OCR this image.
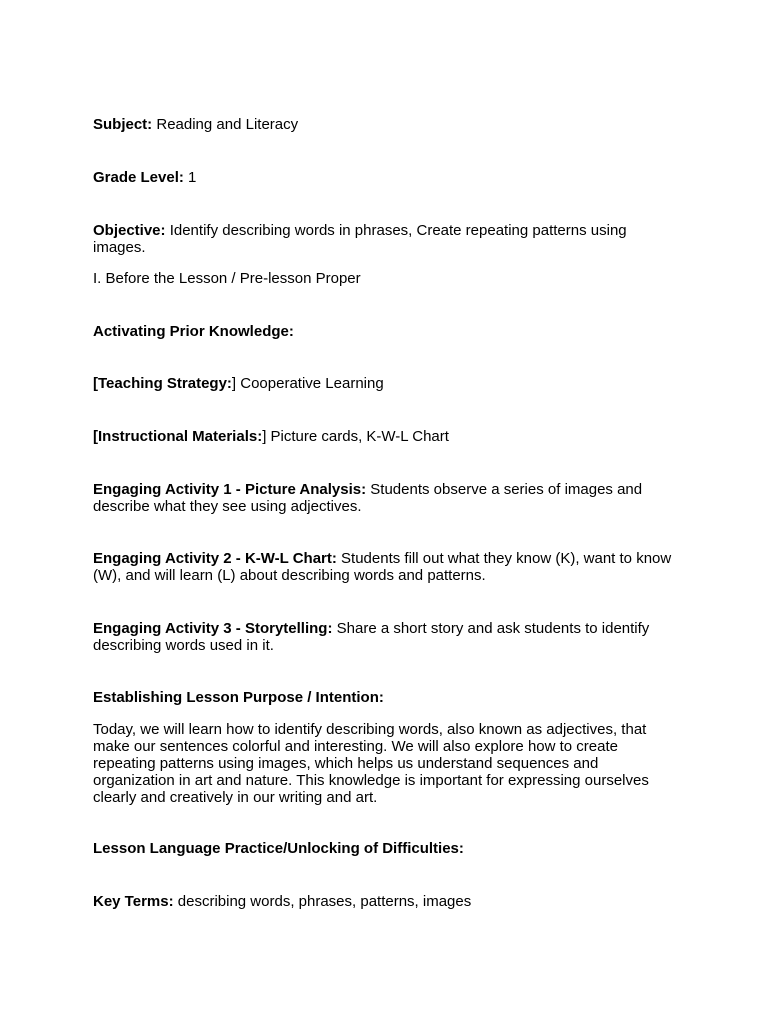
Subject: Reading and Literacy

Grade Level: 1

Objective: Identify describing words in phrases, Create repeating patterns using images.

I. Before the Lesson / Pre-lesson Proper

Activating Prior Knowledge:

[Teaching Strategy:] Cooperative Learning

[Instructional Materials:] Picture cards, K-W-L Chart

Engaging Activity 1 - Picture Analysis: Students observe a series of images and describe what they see using adjectives.

Engaging Activity 2 - K-W-L Chart: Students fill out what they know (K), want to know (W), and will learn (L) about describing words and patterns.

Engaging Activity 3 - Storytelling: Share a short story and ask students to identify describing words used in it.

Establishing Lesson Purpose / Intention:

Today, we will learn how to identify describing words, also known as adjectives, that make our sentences colorful and interesting. We will also explore how to create repeating patterns using images, which helps us understand sequences and organization in art and nature. This knowledge is important for expressing ourselves clearly and creatively in our writing and art.

Lesson Language Practice/Unlocking of Difficulties:

Key Terms: describing words, phrases, patterns, images
